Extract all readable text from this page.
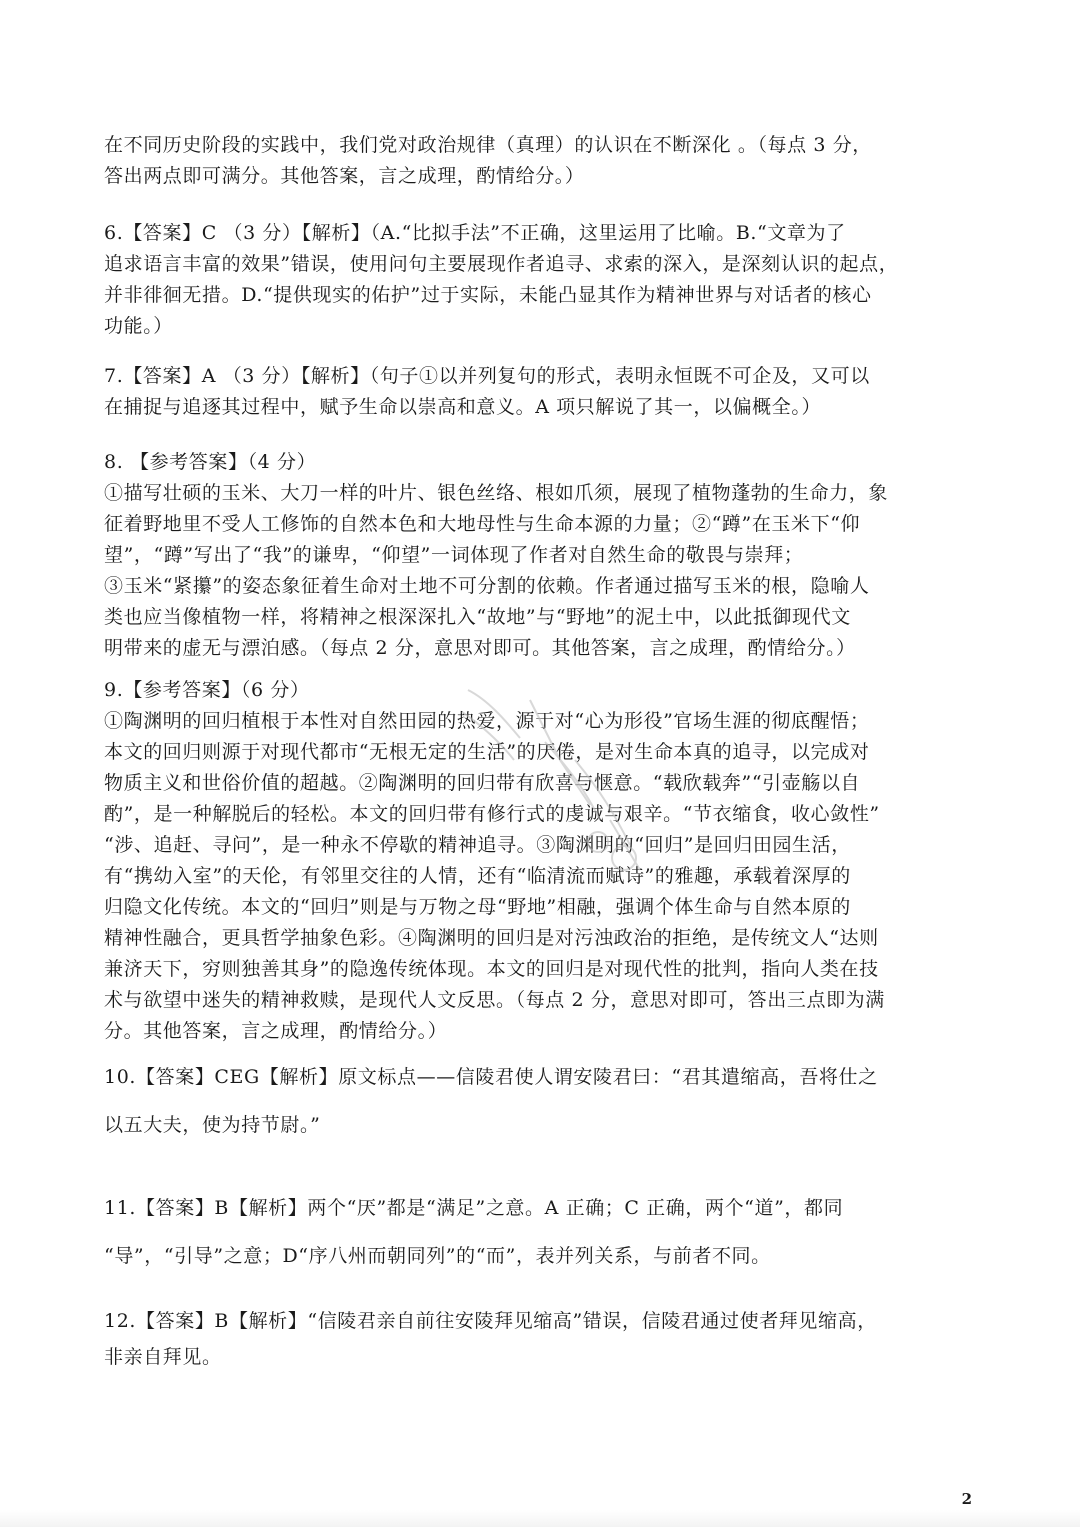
在不同历史阶段的实践中，我们党对政治规律（真理）的认识在不断深化 。（每点 3 分，
答出两点即可满分。其他答案，言之成理，酌情给分。）
6.【答案】C （3 分）【解析】（A.“比拟手法”不正确，这里运用了比喻。B.“文章为了
追求语言丰富的效果”错误，使用问句主要展现作者追寻、求索的深入，是深刻认识的起点，
并非徘徊无措。D.“提供现实的佑护”过于实际，未能凸显其作为精神世界与对话者的核心
功能。）
7.【答案】A （3 分）【解析】（句子①以并列复句的形式，表明永恒既不可企及，又可以
在捕捉与追逐其过程中，赋予生命以崇高和意义。A 项只解说了其一，以偏概全。）
8. 【参考答案】（4 分）
①描写壮硕的玉米、大刀一样的叶片、银色丝络、根如爪须，展现了植物蓬勃的生命力，象
征着野地里不受人工修饰的自然本色和大地母性与生命本源的力量；②“蹲”在玉米下“仰
望”，“蹲”写出了“我”的谦卑，“仰望”一词体现了作者对自然生命的敬畏与崇拜；
③玉米“紧攥”的姿态象征着生命对土地不可分割的依赖。作者通过描写玉米的根，隐喻人
类也应当像植物一样，将精神之根深深扎入“故地”与“野地”的泥土中，以此抵御现代文
明带来的虚无与漂泊感。（每点 2 分，意思对即可。其他答案，言之成理，酌情给分。）
9.【参考答案】（6 分）
①陶渊明的回归植根于本性对自然田园的热爱，源于对“心为形役”官场生涯的彻底醒悟；
本文的回归则源于对现代都市“无根无定的生活”的厌倦，是对生命本真的追寻，以完成对
物质主义和世俗价值的超越。②陶渊明的回归带有欣喜与惬意。“载欣载奔”“引壶觞以自
酌”，是一种解脱后的轻松。本文的回归带有修行式的虔诚与艰辛。“节衣缩食，收心敛性”
“涉、追赶、寻问”，是一种永不停歇的精神追寻。③陶渊明的“回归”是回归田园生活，
有“携幼入室”的天伦，有邻里交往的人情，还有“临清流而赋诗”的雅趣，承载着深厚的
归隐文化传统。本文的“回归”则是与万物之母“野地”相融，强调个体生命与自然本原的
精神性融合，更具哲学抽象色彩。④陶渊明的回归是对污浊政治的拒绝，是传统文人“达则
兼济天下，穷则独善其身”的隐逸传统体现。本文的回归是对现代性的批判，指向人类在技
术与欲望中迷失的精神救赎，是现代人文反思。（每点 2 分，意思对即可，答出三点即为满
分。其他答案，言之成理，酌情给分。）
10.【答案】CEG【解析】原文标点——信陵君使人谓安陵君曰：“君其遣缩高，吾将仕之
以五大夫，使为持节尉。”
11.【答案】B【解析】两个“厌”都是“满足”之意。A 正确；C 正确，两个“道”，都同
“导”，“引导”之意；D“序八州而朝同列”的“而”，表并列关系，与前者不同。
12.【答案】B【解析】“信陵君亲自前往安陵拜见缩高”错误，信陵君通过使者拜见缩高，
非亲自拜见。
2
